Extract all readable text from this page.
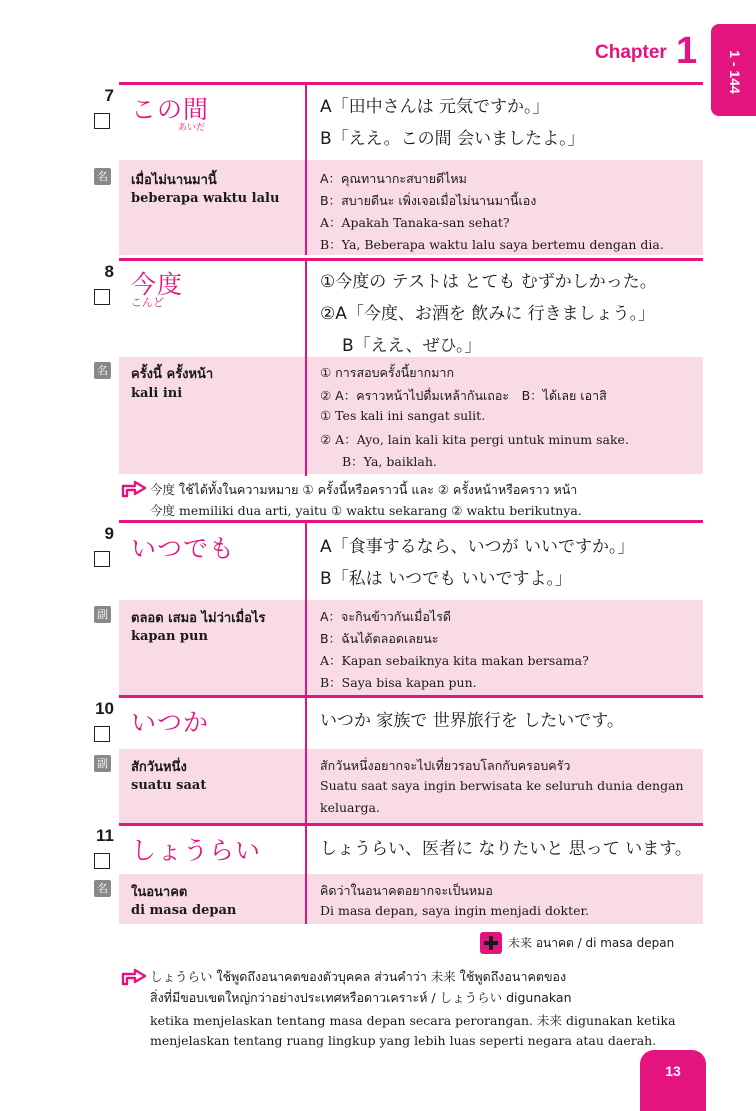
Chapter 1 1 - 144
7 この間
あいだ
A「田中さんは 元気ですか。」
B「ええ。この間 会いましたよ。」
名 เมื่อไม่นานมานี้
beberapa waktu lalu
A：คุณทานากะสบายดีไหม
B：สบายดีนะ เพิ่งเจอเมื่อไม่นานมานี้เอง
A：Apakah Tanaka-san sehat?
B：Ya, Beberapa waktu lalu saya bertemu dengan dia.
8 今度
こんど
①今度の テストは とても むずかしかった。
②A「今度、お酒を 飲みに 行きましょう。」
B「ええ、ぜひ。」
名 ครั้งนี้ ครั้งหน้า
kali ini
① การสอบครั้งนี้ยากมาก
② A：คราวหน้าไปดื่มเหล้ากันเถอะ　B：ได้เลย เอาสิ
① Tes kali ini sangat sulit.
② A：Ayo, lain kali kita pergi untuk minum sake.
B：Ya, baiklah.
今度 ใช้ได้ทั้งในความหมาย ① ครั้งนี้หรือคราวนี้ และ ② ครั้งหน้าหรือคราว หน้า
今度 memiliki dua arti, yaitu ① waktu sekarang ② waktu berikutnya.
9
いつでも	A「食事するなら、いつが いいですか。」
B「私は いつでも いいですよ。」
副 ตลอด เสมอ ไม่ว่าเมื่อไร
kapan pun
A：จะกินข้าวกันเมื่อไรดี
B：ฉันได้ตลอดเลยนะ
A：Kapan sebaiknya kita makan bersama?
B：Saya bisa kapan pun.
10 いつか	いつか 家族で 世界旅行を したいです。
副 สักวันหนึ่ง
suatu saat
สักวันหนึ่งอยากจะไปเที่ยวรอบโลกกับครอบครัว
Suatu saat saya ingin berwisata ke seluruh dunia dengan
keluarga.
11
しょうらい	しょうらい、医者に なりたいと 思って います。
名 ในอนาคต
di masa depan
คิดว่าในอนาคตอยากจะเป็นหมอ
Di masa depan, saya ingin menjadi dokter.
未来 อนาคต / di masa depan
しょうらい ใช้พูดถึงอนาคตของตัวบุคคล ส่วนคำว่า 未来 ใช้พูดถึงอนาคตของ
สิ่งที่มีขอบเขตใหญ่กว่าอย่างประเทศหรือดาวเคราะห์ / しょうらい digunakan
ketika menjelaskan tentang masa depan secara perorangan. 未来 digunakan ketika
menjelaskan tentang ruang lingkup yang lebih luas seperti negara atau daerah.
13
